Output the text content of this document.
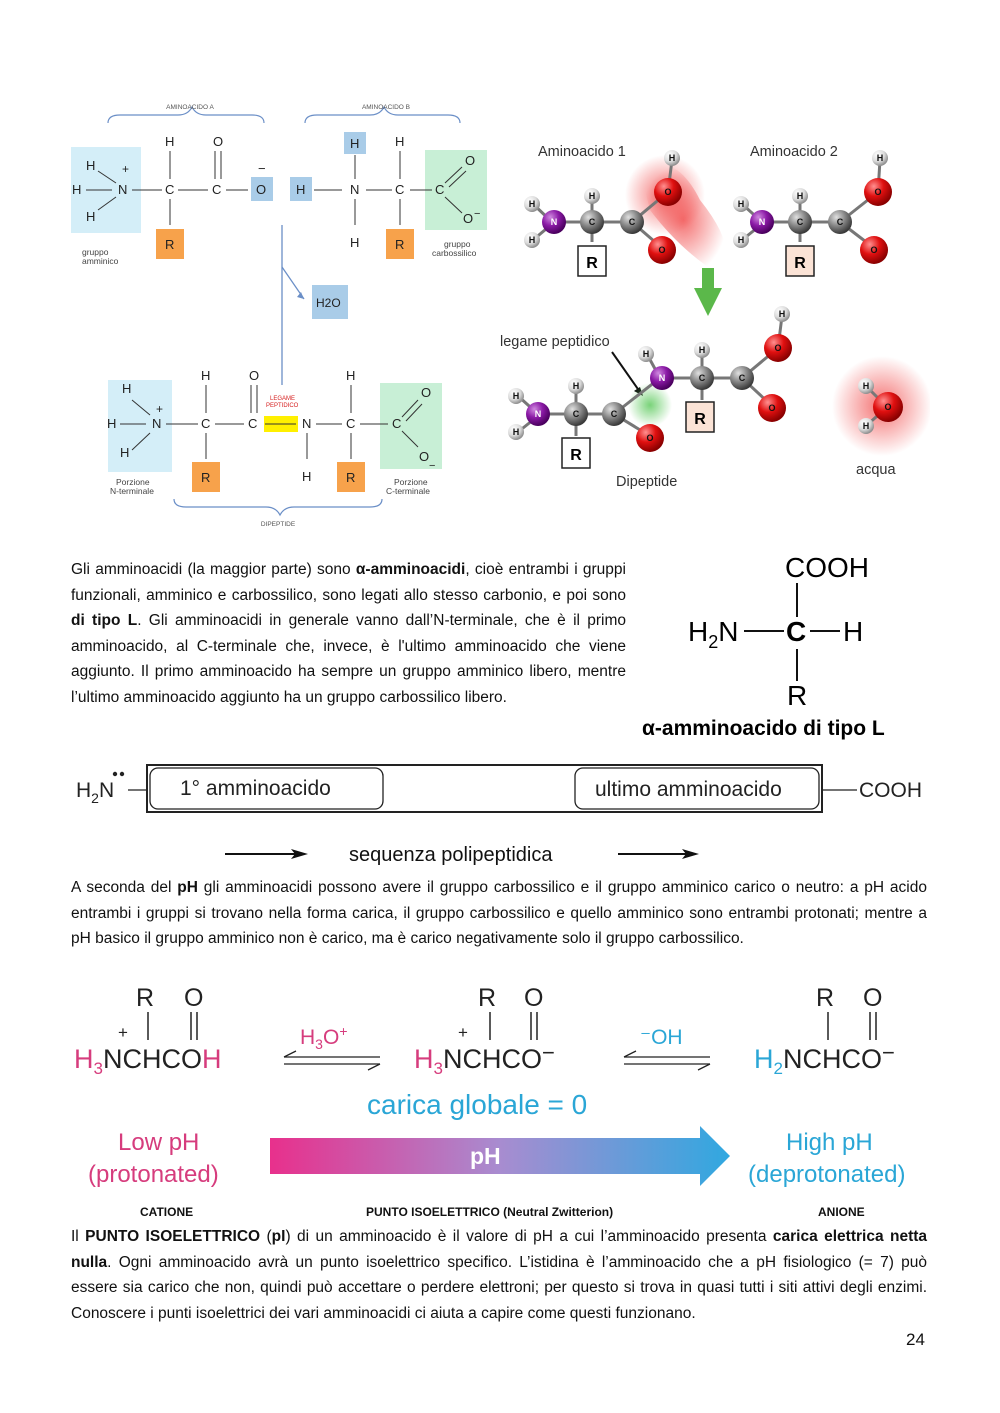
AMINOACIDO A	AMINOACIDO B
H +
H	N
H
gruppo amminico
C
H
R
C
O
O
−
H
H
N
H
C
H
R
C
O
O −
gruppo carbossilico
H2O
H
+
H	N
H
Porzione N-terminale
C
H
R
C
O
LEGAME PEPTIDICO
N
H
C
H
R
C
O
O
−
Porzione C-terminale
DIPEPTIDE
Aminoacido 1	Aminoacido 2
H
H
N
H
C	C
O
H
O
R
H
H
N
H
C	C
O
H
O
R
legame peptidico
H
H
N
H
C	C
O
H
N
H
C	C
O
H
O
R
R
Dipeptide
H
H
O
acqua
Gli amminoacidi (la maggior parte) sono α-amminoacidi, cioè entrambi i gruppi funzionali, amminico e carbossilico, sono legati allo stesso carbonio, e poi sono di tipo L. Gli amminoacidi in generale vanno dall’N-terminale, che è il primo amminoacido, al C-terminale che, invece, è l'ultimo amminoacido che viene aggiunto. Il primo amminoacido ha sempre un gruppo amminico libero, mentre l’ultimo amminoacido aggiunto ha un gruppo carbossilico libero.
COOH
$H_2N$ C H
R
α-amminoacido di tipo L
$H_2N$	1° amminoacido	ultimo amminoacido	COOH
sequenza polipeptidica
A seconda del pH gli amminoacidi possono avere il gruppo carbossilico e il gruppo amminico carico o neutro: a pH acido entrambi i gruppi si trovano nella forma carica, il gruppo carbossilico e quello amminico sono entrambi protonati; mentre a pH basico il gruppo amminico non è carico, ma è carico negativamente solo il gruppo carbossilico.
R O
+
$H_3NCHCOH$
$H_3O^+$
R O
+
$H_3NCHCO^-$
⁻OH
R O
$H_2NCHCO^-$
Low pH (protonated)
High pH (deprotonated)
carica globale = 0
pH
CATIONE	PUNTO ISOELETTRICO (Neutral Zwitterion)	ANIONE
Il PUNTO ISOELETTRICO (pI) di un amminoacido è il valore di pH a cui l’amminoacido presenta carica elettrica netta nulla. Ogni amminoacido avrà un punto isoelettrico specifico. L’istidina è l’amminoacido che a pH fisiologico (= 7) può essere sia carico che non, quindi può accettare o perdere elettroni; per questo si trova in quasi tutti i siti attivi degli enzimi. Conoscere i punti isoelettrici dei vari amminoacidi ci aiuta a capire come questi funzionano.
24
